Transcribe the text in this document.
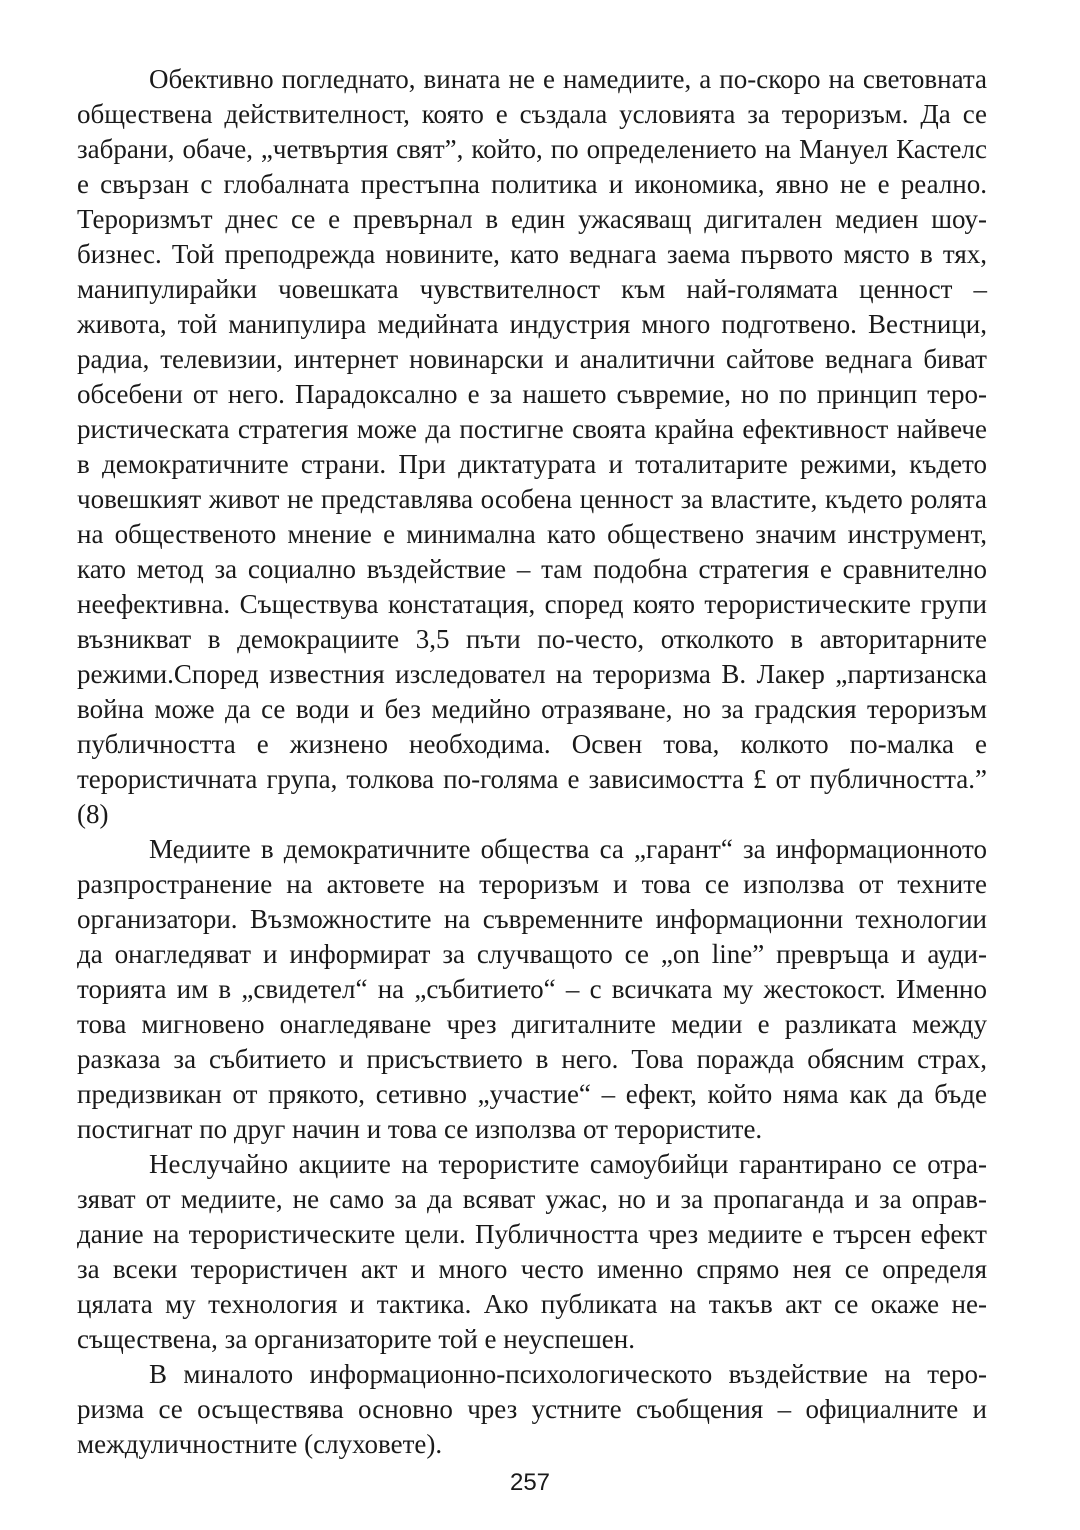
Обективно погледнато, вината не е намедиите, а по-скоро на световната обществена действителност, която е създала условията за тероризъм. Да се забрани, обаче, „четвъртия свят”, който, по определението на Мануел Кастелс е свързан с глобалната престъпна политика и икономика, явно не е реално. Тероризмът днес се е превърнал в един ужасяващ дигитален медиен шоу-бизнес. Той преподрежда новините, като веднага заема първото място в тях, манипулирайки човешката чувствителност към най-голямата ценност – живота, той манипулира медийната индустрия много подготвено. Вестници, радиа, телевизии, интернет новинарски и аналитични сайтове веднага биват обсебени от него. Парадоксално е за нашето съвремие, но по принцип терористическата стратегия може да постигне своята крайна ефективност найвече в демократичните страни. При диктатурата и тоталитарите режими, където човешкият живот не представлява особена ценност за властите, където ролята на общественото мнение е минимална като обществено значим инструмент, като метод за социално въздействие – там подобна стратегия е сравнително неефективна. Съществува констатация, според която терористическите групи възникват в демокрациите 3,5 пъти по-често, отколкото в авторитарните режими.Според известния изследовател на тероризма В. Лакер „партизанска война може да се води и без медийно отразяване, но за градския тероризъм публичността е жизнено необходима. Освен това, колкото по-малка е терористичната група, толкова по-голяма е зависимостта £ от публичността.” (8)

Медиите в демократичните общества са „гарант“ за информационното разпространение на актовете на тероризъм и това се използва от техните организатори. Възможностите на съвременните информационни технологии да онагледяват и информират за случващото се „on line” превръща и аудиторията им в „свидетел“ на „събитието“ – с всичката му жестокост. Именно това мигновено онагледяване чрез дигиталните медии е разликата между разказа за събитието и присъствието в него. Това поражда обясним страх, предизвикан от прякото, сетивно „участие“ – ефект, който няма как да бъде постигнат по друг начин и това се използва от терористите.

Неслучайно акциите на терористите самоубийци гарантирано се отразяват от медиите, не само за да всяват ужас, но и за пропаганда и за оправдание на терористическите цели. Публичността чрез медиите е търсен ефект за всеки терористичен акт и много често именно спрямо нея се определя цялата му технология и тактика. Ако публиката на такъв акт се окаже несъществена, за организаторите той е неуспешен.

В миналото информационно-психологическото въздействие на тероризма се осъществява основно чрез устните съобщения – официалните и междуличностните (слуховете).

257
